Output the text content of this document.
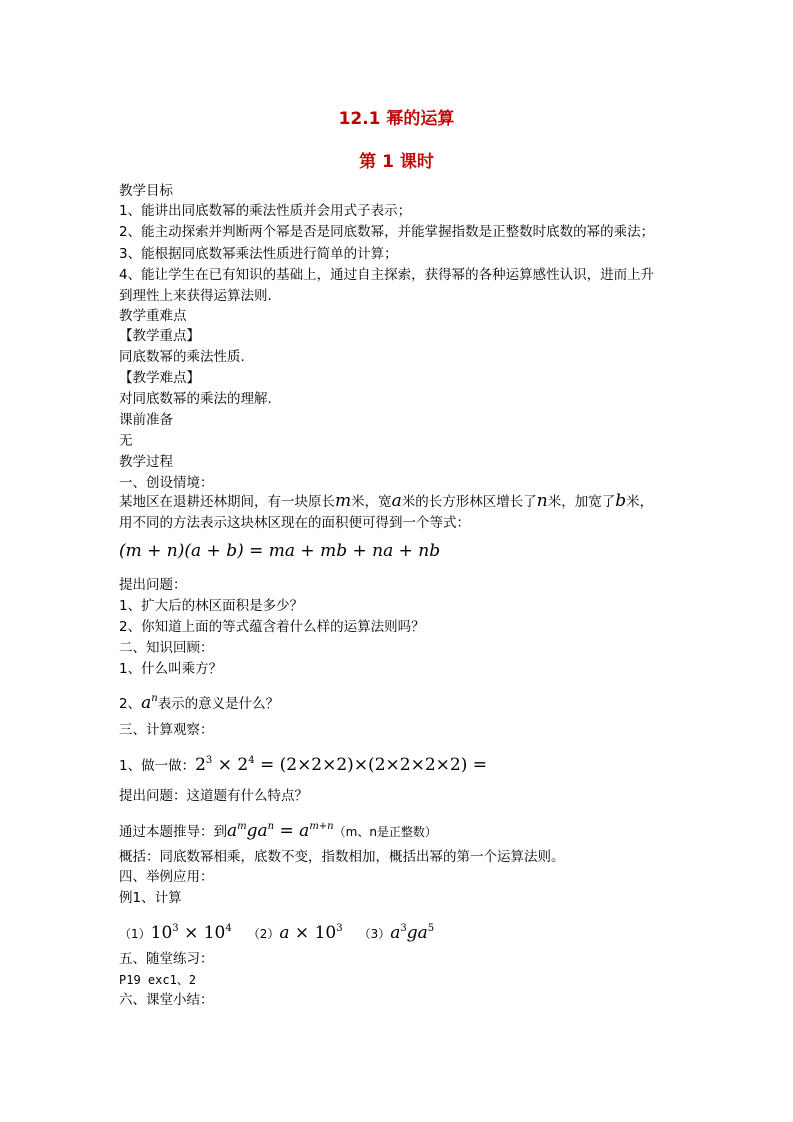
12.1 幂的运算
第 1 课时
教学目标
1、能讲出同底数幂的乘法性质并会用式子表示；
2、能主动探索并判断两个幂是否是同底数幂，并能掌握指数是正整数时底数的幂的乘法；
3、能根据同底数幂乘法性质进行简单的计算；
4、能让学生在已有知识的基础上，通过自主探索，获得幂的各种运算感性认识，进而上升
到理性上来获得运算法则.
教学重难点
【教学重点】
同底数幂的乘法性质.
【教学难点】
对同底数幂的乘法的理解.
课前准备
无
教学过程
一、创设情境：
某地区在退耕还林期间，有一块原长m米，宽a米的长方形林区增长了n米，加宽了b米，
用不同的方法表示这块林区现在的面积便可得到一个等式：
(m + n)(a + b) = ma + mb + na + nb
提出问题：
1、扩大后的林区面积是多少？
2、你知道上面的等式蕴含着什么样的运算法则吗？
二、知识回顾：
1、什么叫乘方？
2、$a^n$表示的意义是什么？
三、计算观察：
1、做一做：$2^3 \times 2^4 = (2\times 2\times 2)\times(2\times 2\times 2\times 2)$ =
提出问题：这道题有什么特点？
通过本题推导：到$a^mga^n = a^{m+n}(m$、n是正整数）
概括：同底数幂相乘，底数不变，指数相加，概括出幂的第一个运算法则。
四、举例应用：
例1、计算
$(1)10^3 \times 10^4$ $(2)a \times 10^3$ $(3)a^3ga^5$
五、随堂练习：
P19 exc1、2
六、课堂小结：
